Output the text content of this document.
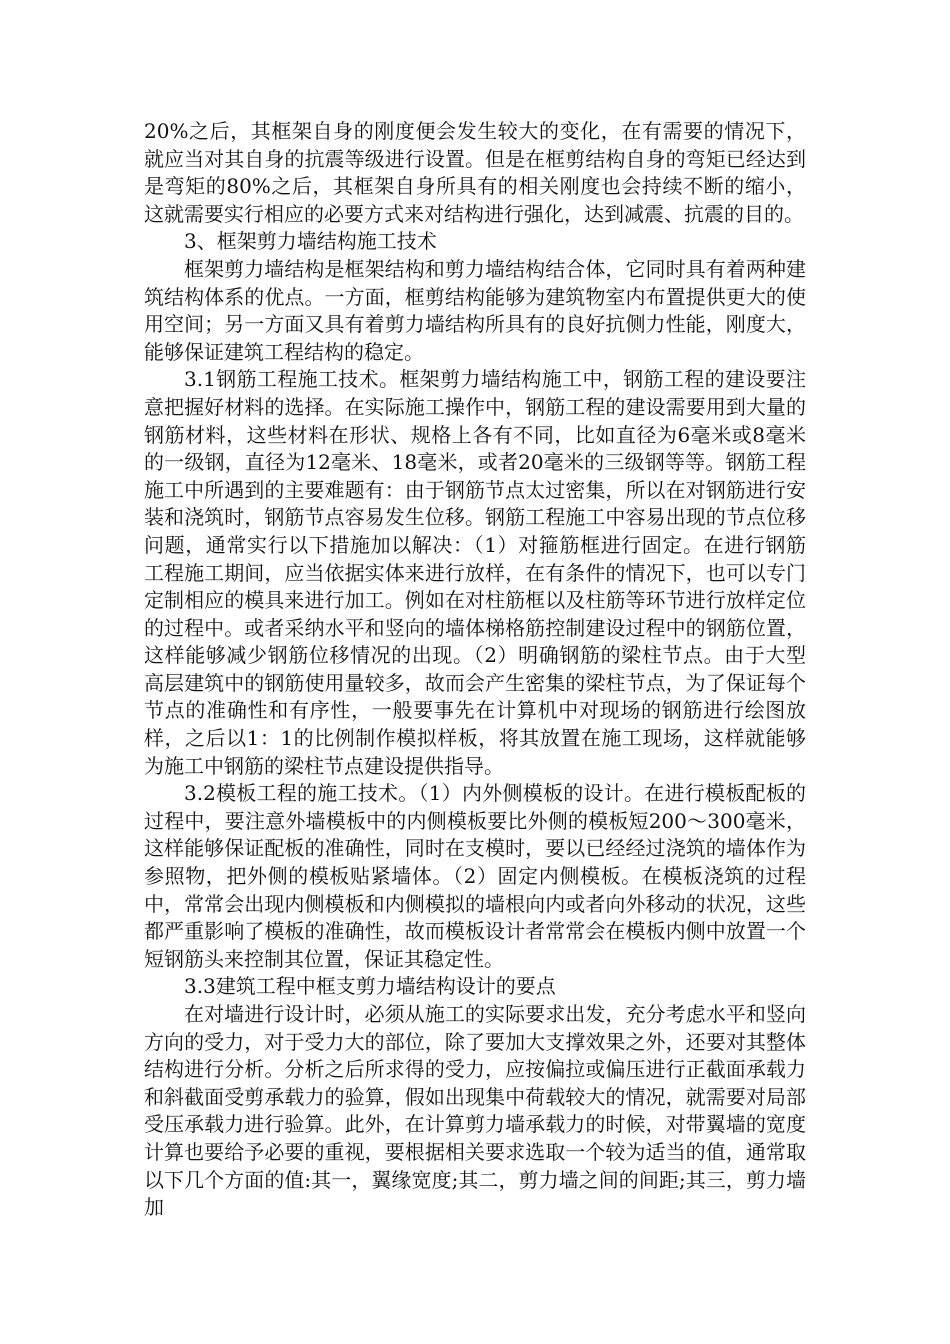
20%之后，其框架自身的刚度便会发生较大的变化，在有需要的情况下，就应当对其自身的抗震等级进行设置。但是在框剪结构自身的弯矩已经达到是弯矩的80%之后，其框架自身所具有的相关刚度也会持续不断的缩小，这就需要实行相应的必要方式来对结构进行强化，达到减震、抗震的目的。

3、框架剪力墙结构施工技术

框架剪力墙结构是框架结构和剪力墙结构结合体，它同时具有着两种建筑结构体系的优点。一方面，框剪结构能够为建筑物室内布置提供更大的使用空间；另一方面又具有着剪力墙结构所具有的良好抗侧力性能，刚度大，能够保证建筑工程结构的稳定。

3.1钢筋工程施工技术。框架剪力墙结构施工中，钢筋工程的建设要注意把握好材料的选择。在实际施工操作中，钢筋工程的建设需要用到大量的钢筋材料，这些材料在形状、规格上各有不同，比如直径为6毫米或8毫米的一级钢，直径为12毫米、18毫米，或者20毫米的三级钢等等。钢筋工程施工中所遇到的主要难题有：由于钢筋节点太过密集，所以在对钢筋进行安装和浇筑时，钢筋节点容易发生位移。钢筋工程施工中容易出现的节点位移问题，通常实行以下措施加以解决：（1）对箍筋框进行固定。在进行钢筋工程施工期间，应当依据实体来进行放样，在有条件的情况下，也可以专门定制相应的模具来进行加工。例如在对柱筋框以及柱筋等环节进行放样定位的过程中。或者采纳水平和竖向的墙体梯格筋控制建设过程中的钢筋位置，这样能够减少钢筋位移情况的出现。（2）明确钢筋的梁柱节点。由于大型高层建筑中的钢筋使用量较多，故而会产生密集的梁柱节点，为了保证每个节点的准确性和有序性，一般要事先在计算机中对现场的钢筋进行绘图放样，之后以1：1的比例制作模拟样板，将其放置在施工现场，这样就能够为施工中钢筋的梁柱节点建设提供指导。

3.2模板工程的施工技术。（1）内外侧模板的设计。在进行模板配板的过程中，要注意外墙模板中的内侧模板要比外侧的模板短200～300毫米，这样能够保证配板的准确性，同时在支模时，要以已经经过浇筑的墙体作为参照物，把外侧的模板贴紧墙体。（2）固定内侧模板。在模板浇筑的过程中，常常会出现内侧模板和内侧模拟的墙根向内或者向外移动的状况，这些都严重影响了模板的准确性，故而模板设计者常常会在模板内侧中放置一个短钢筋头来控制其位置，保证其稳定性。

3.3建筑工程中框支剪力墙结构设计的要点

在对墙进行设计时，必须从施工的实际要求出发，充分考虑水平和竖向方向的受力，对于受力大的部位，除了要加大支撑效果之外，还要对其整体结构进行分析。分析之后所求得的受力，应按偏拉或偏压进行正截面承载力和斜截面受剪承载力的验算，假如出现集中荷载较大的情况，就需要对局部受压承载力进行验算。此外，在计算剪力墙承载力的时候，对带翼墙的宽度计算也要给予必要的重视，要根据相关要求选取一个较为适当的值，通常取以下几个方面的值:其一，翼缘宽度;其二，剪力墙之间的间距;其三，剪力墙加
